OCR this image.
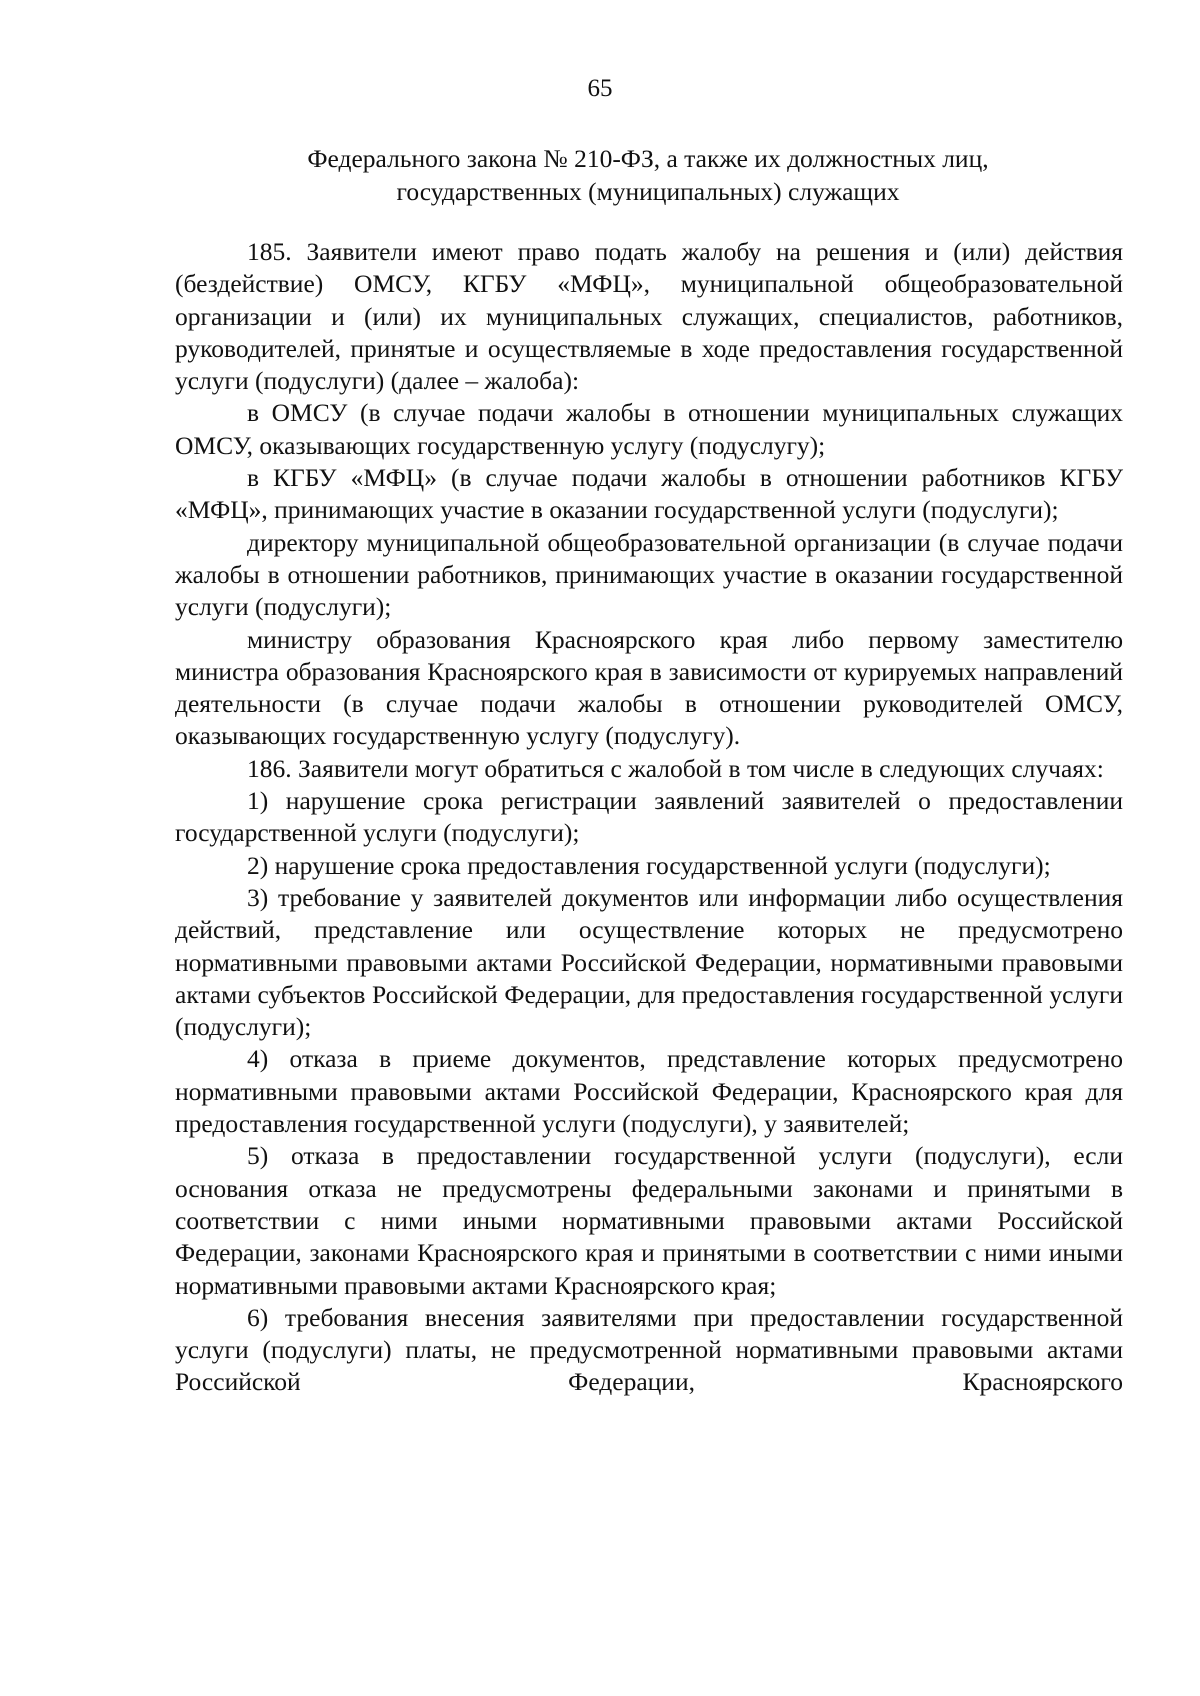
65
Федерального закона № 210-ФЗ, а также их должностных лиц,
государственных (муниципальных) служащих

185. Заявители имеют право подать жалобу на решения и (или) действия (бездействие) ОМСУ, КГБУ «МФЦ», муниципальной общеобразовательной организации и (или) их муниципальных служащих, специалистов, работников, руководителей, принятые и осуществляемые в ходе предоставления государственной услуги (подуслуги) (далее – жалоба):

в ОМСУ (в случае подачи жалобы в отношении муниципальных служащих ОМСУ, оказывающих государственную услугу (подуслугу);

в КГБУ «МФЦ» (в случае подачи жалобы в отношении работников КГБУ «МФЦ», принимающих участие в оказании государственной услуги (подуслуги);

директору муниципальной общеобразовательной организации (в случае подачи жалобы в отношении работников, принимающих участие в оказании государственной услуги (подуслуги);

министру образования Красноярского края либо первому заместителю министра образования Красноярского края в зависимости от курируемых направлений деятельности (в случае подачи жалобы в отношении руководителей ОМСУ, оказывающих государственную услугу (подуслугу).

186. Заявители могут обратиться с жалобой в том числе в следующих случаях:

1) нарушение срока регистрации заявлений заявителей о предоставлении государственной услуги (подуслуги);

2) нарушение срока предоставления государственной услуги (подуслуги);

3) требование у заявителей документов или информации либо осуществления действий, представление или осуществление которых не предусмотрено нормативными правовыми актами Российской Федерации, нормативными правовыми актами субъектов Российской Федерации, для предоставления государственной услуги (подуслуги);

4) отказа в приеме документов, представление которых предусмотрено нормативными правовыми актами Российской Федерации, Красноярского края для предоставления государственной услуги (подуслуги), у заявителей;

5) отказа в предоставлении государственной услуги (подуслуги), если основания отказа не предусмотрены федеральными законами и принятыми в соответствии с ними иными нормативными правовыми актами Российской Федерации, законами Красноярского края и принятыми в соответствии с ними иными нормативными правовыми актами Красноярского края;

6) требования внесения заявителями при предоставлении государственной услуги (подуслуги) платы, не предусмотренной нормативными правовыми актами Российской Федерации, Красноярского
